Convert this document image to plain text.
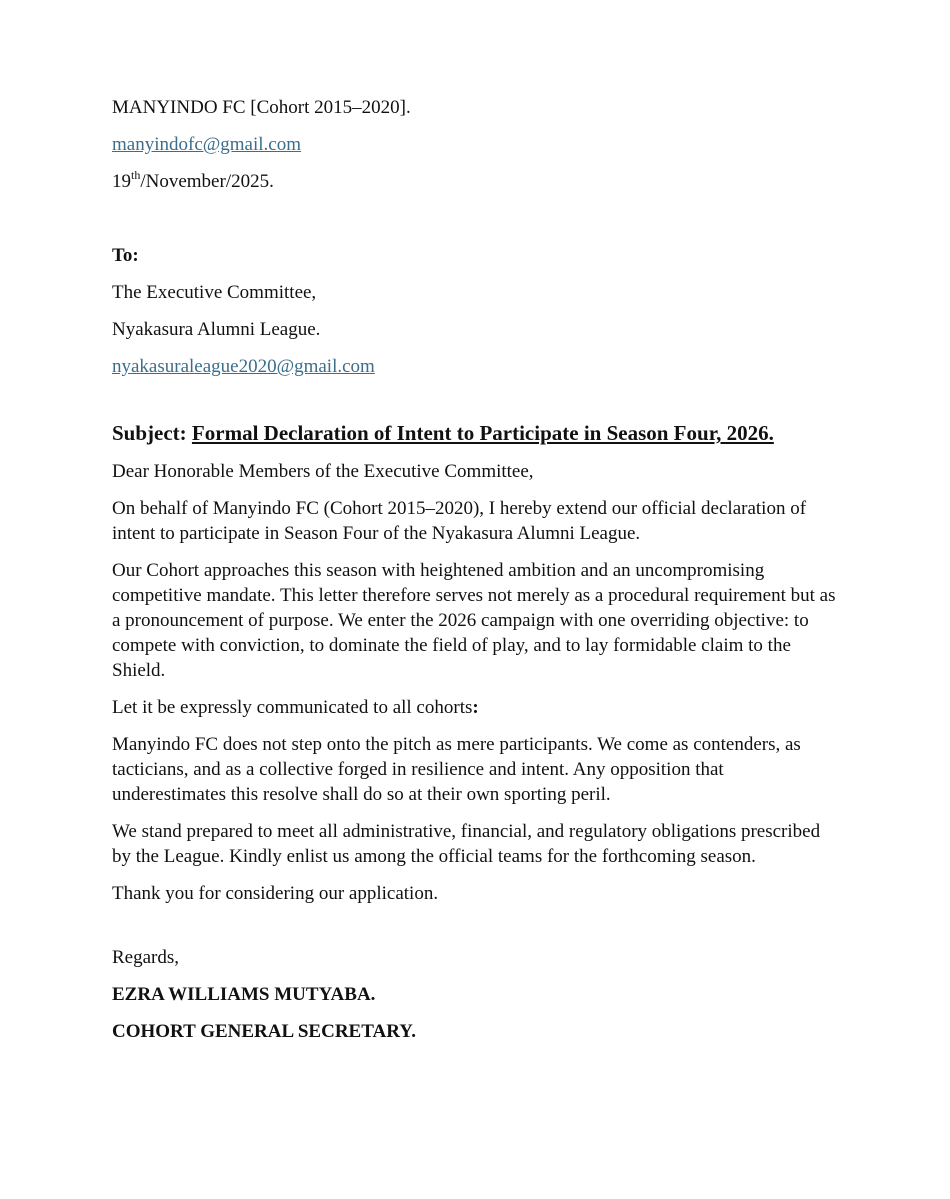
MANYINDO FC [Cohort 2015–2020].

manyindofc@gmail.com

19th/November/2025.

To:

The Executive Committee,

Nyakasura Alumni League.

nyakasuraleague2020@gmail.com

Subject: Formal Declaration of Intent to Participate in Season Four, 2026.

Dear Honorable Members of the Executive Committee,

On behalf of Manyindo FC (Cohort 2015–2020), I hereby extend our official declaration of intent to participate in Season Four of the Nyakasura Alumni League.

Our Cohort approaches this season with heightened ambition and an uncompromising competitive mandate. This letter therefore serves not merely as a procedural requirement but as a pronouncement of purpose. We enter the 2026 campaign with one overriding objective: to compete with conviction, to dominate the field of play, and to lay formidable claim to the Shield.

Let it be expressly communicated to all cohorts:

Manyindo FC does not step onto the pitch as mere participants. We come as contenders, as tacticians, and as a collective forged in resilience and intent. Any opposition that underestimates this resolve shall do so at their own sporting peril.

We stand prepared to meet all administrative, financial, and regulatory obligations prescribed by the League. Kindly enlist us among the official teams for the forthcoming season.

Thank you for considering our application.

Regards,

EZRA WILLIAMS MUTYABA.

COHORT GENERAL SECRETARY.
